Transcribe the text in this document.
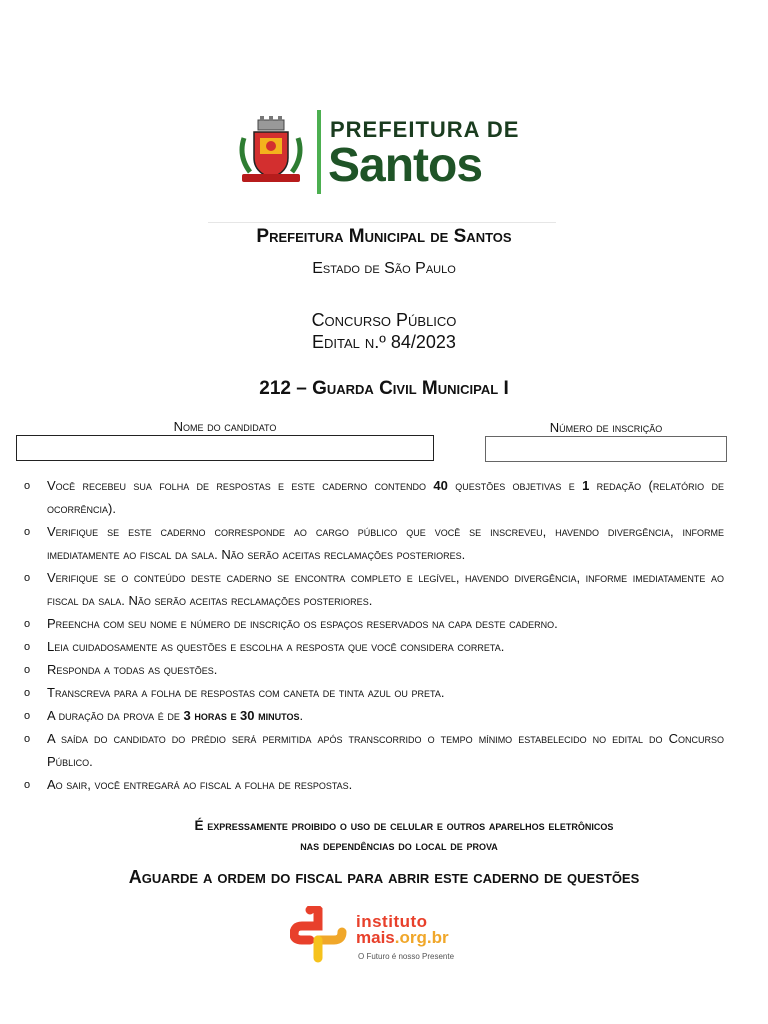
PREFEITURA DE
Santos
Prefeitura Municipal de Santos
Estado de São Paulo
Concurso Público
Edital n.º 84/2023
212 – Guarda Civil Municipal I
Nome do candidato	Número de inscrição
o Você recebeu sua folha de respostas e este caderno contendo 40 questões objetivas e 1 redação (relatório de ocorrência).
o Verifique se este caderno corresponde ao cargo público que você se inscreveu, havendo divergência, informe imediatamente ao fiscal da sala. Não serão aceitas reclamações posteriores.
o Verifique se o conteúdo deste caderno se encontra completo e legível, havendo divergência, informe imediatamente ao fiscal da sala. Não serão aceitas reclamações posteriores.
o Preencha com seu nome e número de inscrição os espaços reservados na capa deste caderno.
o Leia cuidadosamente as questões e escolha a resposta que você considera correta.
o Responda a todas as questões.
o Transcreva para a folha de respostas com caneta de tinta azul ou preta.
o A duração da prova é de 3 horas e 30 minutos.
o A saída do candidato do prédio será permitida após transcorrido o tempo mínimo estabelecido no edital do Concurso Público.
o Ao sair, você entregará ao fiscal a folha de respostas.
É expressamente proibido o uso de celular e outros aparelhos eletrônicos
nas dependências do local de prova
Aguarde a ordem do fiscal para abrir este caderno de questões
instituto
mais.org.br
O Futuro é nosso Presente
